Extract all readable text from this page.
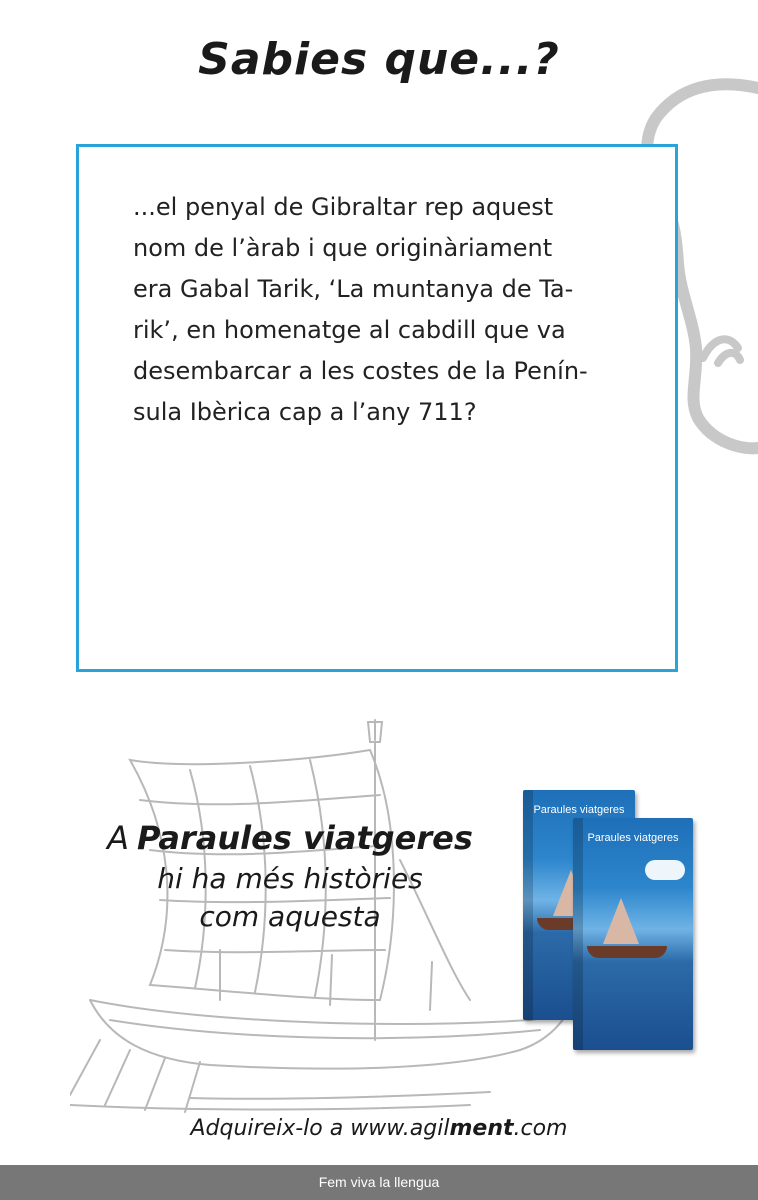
Sabies que...?
...el penyal de Gibraltar rep aquest
nom de l’àrab i que originàriament
era Gabal Tarik, ‘La muntanya de Ta-
rik’, en homenatge al cabdill que va
desembarcar a les costes de la Penín-
sula Ibèrica cap a l’any 711?
A Paraules viatgeres
hi ha més històries
com aquesta
Paraules viatgeres
Paraules viatgeres
Adquireix-lo a www.agilment.com
Fem viva la llengua
